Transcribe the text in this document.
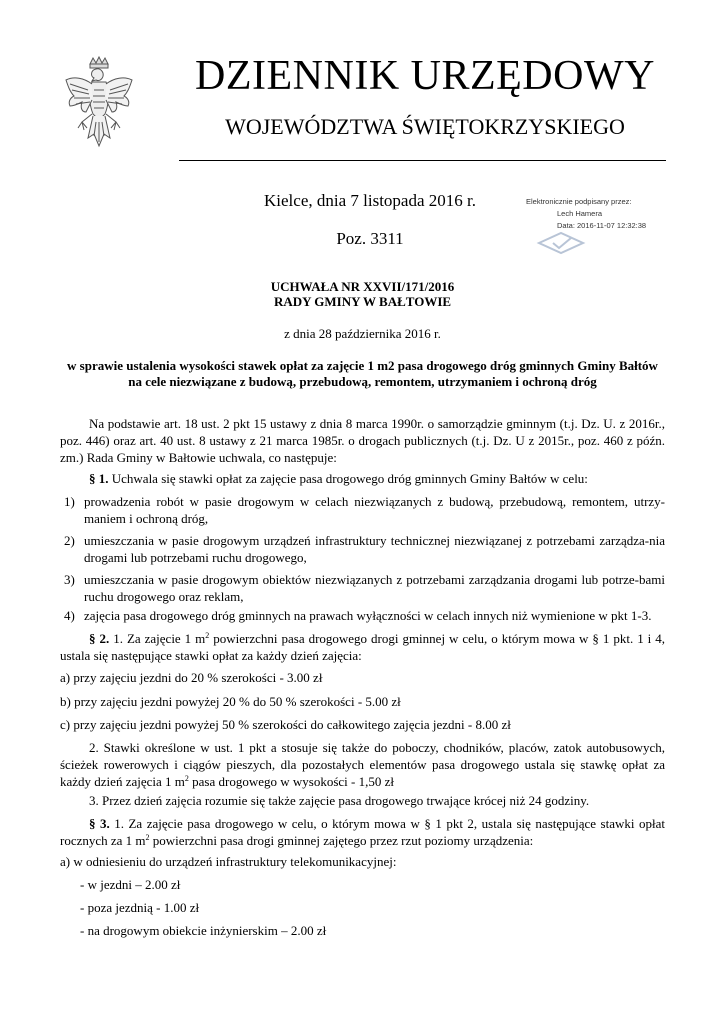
DZIENNIK URZĘDOWY
WOJEWÓDZTWA ŚWIĘTOKRZYSKIEGO
Kielce, dnia 7 listopada 2016 r.
Poz. 3311
Elektronicznie podpisany przez:
Lech Hamera
Data: 2016-11-07 12:32:38
UCHWAŁA NR XXVII/171/2016
RADY GMINY W BAŁTOWIE
z dnia 28 października 2016 r.
w sprawie ustalenia wysokości stawek opłat za zajęcie 1 m2 pasa drogowego dróg gminnych Gminy Bałtów
na cele niezwiązane z budową, przebudową, remontem, utrzymaniem i ochroną dróg

Na podstawie art. 18 ust. 2 pkt 15 ustawy z dnia 8 marca 1990r. o samorządzie gminnym (t.j. Dz. U. z 2016r., poz. 446) oraz art. 40 ust. 8 ustawy z 21 marca 1985r. o drogach publicznych (t.j. Dz. U z 2015r., poz. 460 z późn. zm.) Rada Gminy w Bałtowie uchwala, co następuje:

§ 1. Uchwala się stawki opłat za zajęcie pasa drogowego dróg gminnych Gminy Bałtów w celu:

1) prowadzenia robót w pasie drogowym w celach niezwiązanych z budową, przebudową, remontem, utrzy-maniem i ochroną dróg,
2) umieszczania w pasie drogowym urządzeń infrastruktury technicznej niezwiązanej z potrzebami zarządza-nia drogami lub potrzebami ruchu drogowego,
3) umieszczania w pasie drogowym obiektów niezwiązanych z potrzebami zarządzania drogami lub potrze-bami ruchu drogowego oraz reklam,
4) zajęcia pasa drogowego dróg gminnych na prawach wyłączności w celach innych niż wymienione w pkt 1-3.

§ 2. 1. Za zajęcie 1 $m^2$ powierzchni pasa drogowego drogi gminnej w celu, o którym mowa w § 1 pkt. 1 i 4, ustala się następujące stawki opłat za każdy dzień zajęcia:

a) przy zajęciu jezdni do 20 % szerokości - 3.00 zł

b) przy zajęciu jezdni powyżej 20 % do 50 % szerokości - 5.00 zł

c) przy zajęciu jezdni powyżej 50 % szerokości do całkowitego zajęcia jezdni - 8.00 zł

2. Stawki określone w ust. 1 pkt a stosuje się także do poboczy, chodników, placów, zatok autobusowych, ścieżek rowerowych i ciągów pieszych, dla pozostałych elementów pasa drogowego ustala się stawkę opłat za każdy dzień zajęcia 1 $m^2$ pasa drogowego w wysokości - 1,50 zł

3. Przez dzień zajęcia rozumie się także zajęcie pasa drogowego trwające krócej niż 24 godziny.

§ 3. 1. Za zajęcie pasa drogowego w celu, o którym mowa w § 1 pkt 2, ustala się następujące stawki opłat rocznych za 1 $m^2$ powierzchni pasa drogi gminnej zajętego przez rzut poziomy urządzenia:

a) w odniesieniu do urządzeń infrastruktury telekomunikacyjnej:

- w jezdni – 2.00 zł

- poza jezdnią - 1.00 zł

- na drogowym obiekcie inżynierskim – 2.00 zł
